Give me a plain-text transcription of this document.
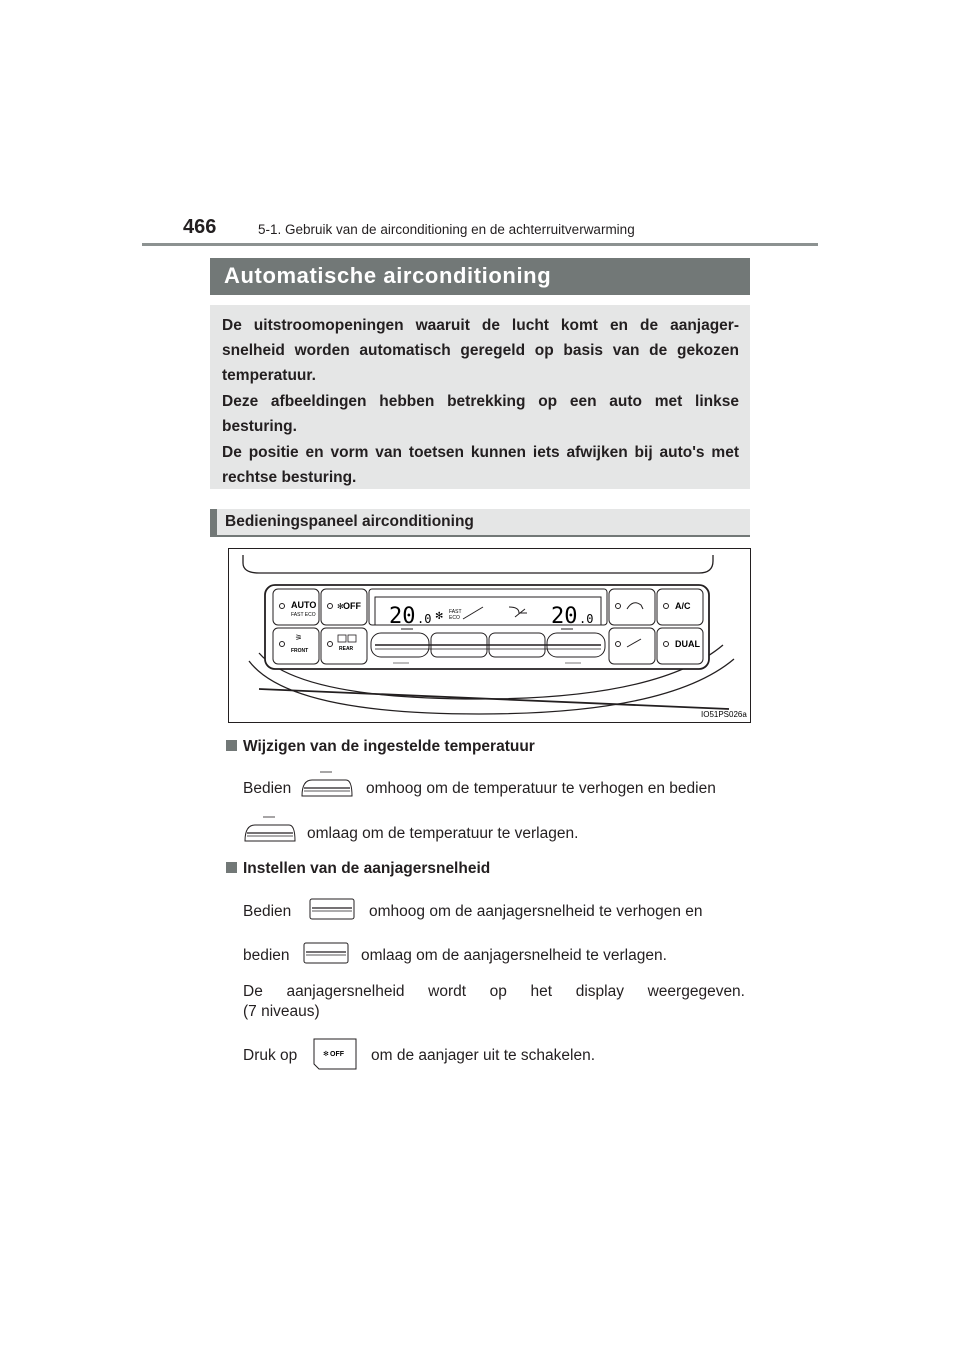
466	5-1. Gebruik van de airconditioning en de achterruitverwarming
Automatische airconditioning

De uitstroomopeningen waaruit de lucht komt en de aanjager-snelheid worden automatisch geregeld op basis van de gekozen temperatuur.

Deze afbeeldingen hebben betrekking op een auto met linkse besturing.

De positie en vorm van toetsen kunnen iets afwijken bij auto's met rechtse besturing.

Bedieningspaneel airconditioning
AUTO
FAST ECO
OFF
✻
⚞
FRONT	REAR
20 .0 ✻ FAST
ECO	20 .0
A/C
DUAL
IO51PS026a
Wijzigen van de ingestelde temperatuur
Bedien	omhoog om de temperatuur te verhogen en bedien
omlaag om de temperatuur te verlagen.
Instellen van de aanjagersnelheid
Bedien	omhoog om de aanjagersnelheid te verhogen en
bedien	omlaag om de aanjagersnelheid te verlagen.
De aanjagersnelheid wordt op het display weergegeven.
(7 niveaus)
Druk op	✻ OFF om de aanjager uit te schakelen.
